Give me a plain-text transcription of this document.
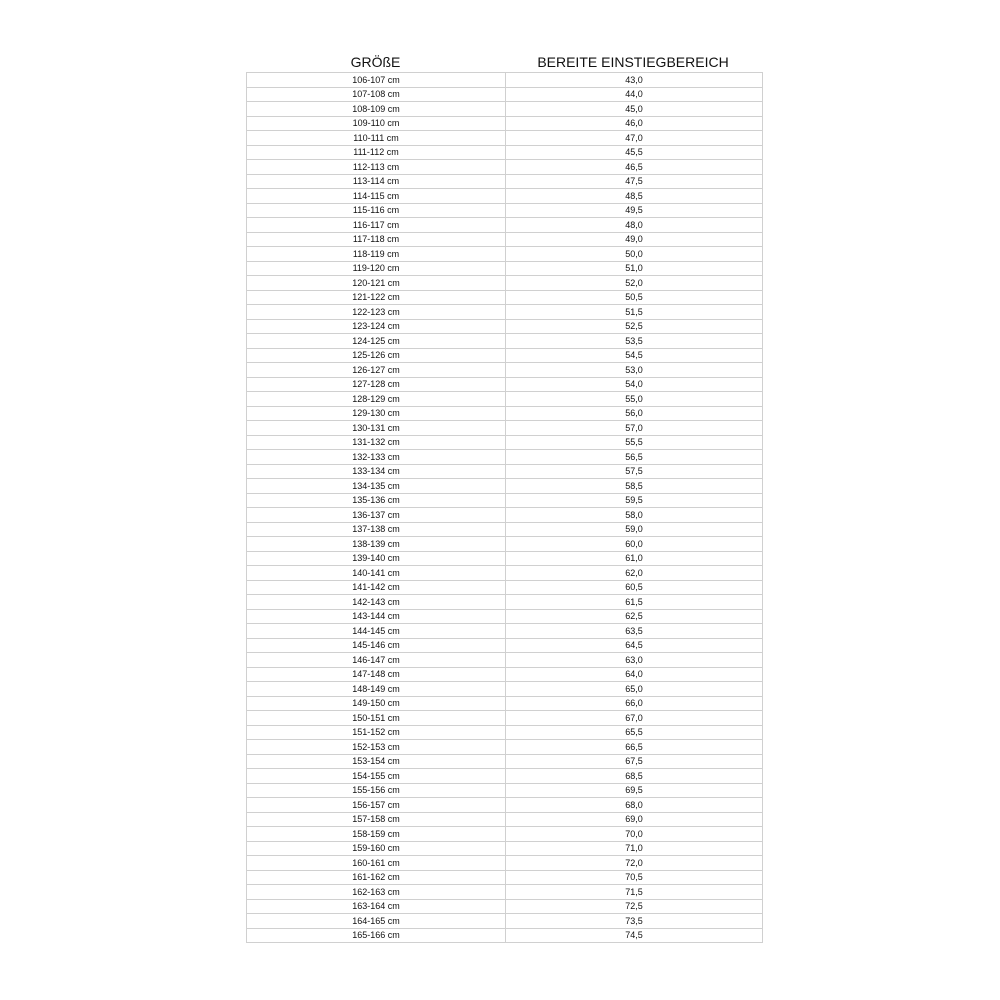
GRÖßE	BEREITE EINSTIEGBEREICH
106-107 cm	43,0
107-108 cm	44,0
108-109 cm	45,0
109-110 cm	46,0
110-111 cm	47,0
111-112 cm	45,5
112-113 cm	46,5
113-114 cm	47,5
114-115 cm	48,5
115-116 cm	49,5
116-117 cm	48,0
117-118 cm	49,0
118-119 cm	50,0
119-120 cm	51,0
120-121 cm	52,0
121-122 cm	50,5
122-123 cm	51,5
123-124 cm	52,5
124-125 cm	53,5
125-126 cm	54,5
126-127 cm	53,0
127-128 cm	54,0
128-129 cm	55,0
129-130 cm	56,0
130-131 cm	57,0
131-132 cm	55,5
132-133 cm	56,5
133-134 cm	57,5
134-135 cm	58,5
135-136 cm	59,5
136-137 cm	58,0
137-138 cm	59,0
138-139 cm	60,0
139-140 cm	61,0
140-141 cm	62,0
141-142 cm	60,5
142-143 cm	61,5
143-144 cm	62,5
144-145 cm	63,5
145-146 cm	64,5
146-147 cm	63,0
147-148 cm	64,0
148-149 cm	65,0
149-150 cm	66,0
150-151 cm	67,0
151-152 cm	65,5
152-153 cm	66,5
153-154 cm	67,5
154-155 cm	68,5
155-156 cm	69,5
156-157 cm	68,0
157-158 cm	69,0
158-159 cm	70,0
159-160 cm	71,0
160-161 cm	72,0
161-162 cm	70,5
162-163 cm	71,5
163-164 cm	72,5
164-165 cm	73,5
165-166 cm	74,5
